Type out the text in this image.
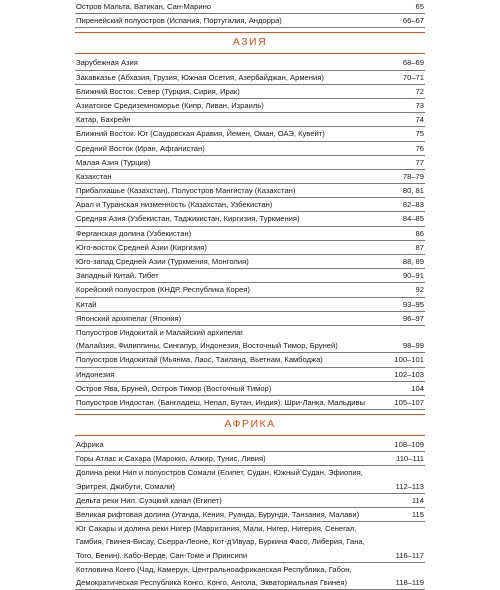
Остров Мальта, Ватикан, Сан-Марино	65
Пиренейский полуостров (Испания, Португалия, Андорра)	66–67
АЗИЯ
Зарубежная Азия	68–69
Закавказье (Абхазия, Грузия, Южная Осетия, Азербайджан, Армения)	70–71
Ближний Восток. Север (Турция, Сирия, Ирак)	72
Азиатское Средиземноморье (Кипр, Ливан, Израиль)	73
Катар, Бахрейн	74
Ближний Восток. Юг (Саудовская Аравия, Йемен, Оман, ОАЭ, Кувейт)	75
Средний Восток (Иран, Афганистан)	76
Малая Азия (Турция)	77
Казахстан	78–79
Прибалхашье (Казахстан), Полуостров Мангистау (Казахстан)	80, 81
Арал и Туранская низменность (Казахстан, Узбекистан)	82–83
Средняя Азия (Узбекистан, Таджикистан, Киргизия, Туркмения)	84–85
Ферганская долина (Узбекистан)	86
Юго-восток Средней Азии (Киргизия)	87
Юго-запад Средней Азии (Туркмения, Монголия)	88, 89
Западный Китай. Тибет	90–91
Корейский полуостров (КНДР, Республика Корея)	92
Китай	93–95
Японский архипелаг (Япония)	96–97
Полуостров Индокитай и Малайский архипелаг
(Малайзия, Филиппины, Сингапур, Индонезия, Восточный Тимор, Бруней)	98–99
Полуостров Индокитай (Мьянма, Лаос, Таиланд, Вьетнам, Камбоджа)	100–101
Индонезия	102–103
Остров Ява, Бруней, Остров Тимор (Восточный Тимор)	104
Полуостров Индостан. (Бангладеш, Непал, Бутан, Индия). Шри-Ланка, Мальдивы	105–107
АФРИКА
Африка	108–109
Горы Атлас и Сахара (Марокко, Алжир, Тунис, Ливия)	110–111
Долина реки Нил и полуостров Сомали (Египет, Судан, Южный Судан, Эфиопия,
Эритрея, Джибути, Сомали)	112–113
Дельта реки Нил. Суэцкий канал (Египет)	114
Великая рифтовая долина (Уганда, Кения, Руанда, Бурунди, Танзания, Малави)	115
Юг Сахары и долина реки Нигер (Мавритания, Мали, Нигер, Нигерия, Сенегал,
Гамбия, Гвинея-Бисау, Сьерра-Леоне, Кот-д’Ивуар, Буркина Фасо, Либерия, Гана,
Того, Бенин). Кабо-Верде, Сан-Томе и Принсипи	116–117
Котловина Конго (Чад, Камерун, Центральноафриканская Республика, Габон,
Демократическая Республика Конго, Конго, Ангола, Экваториальная Гвинея)	118–119
